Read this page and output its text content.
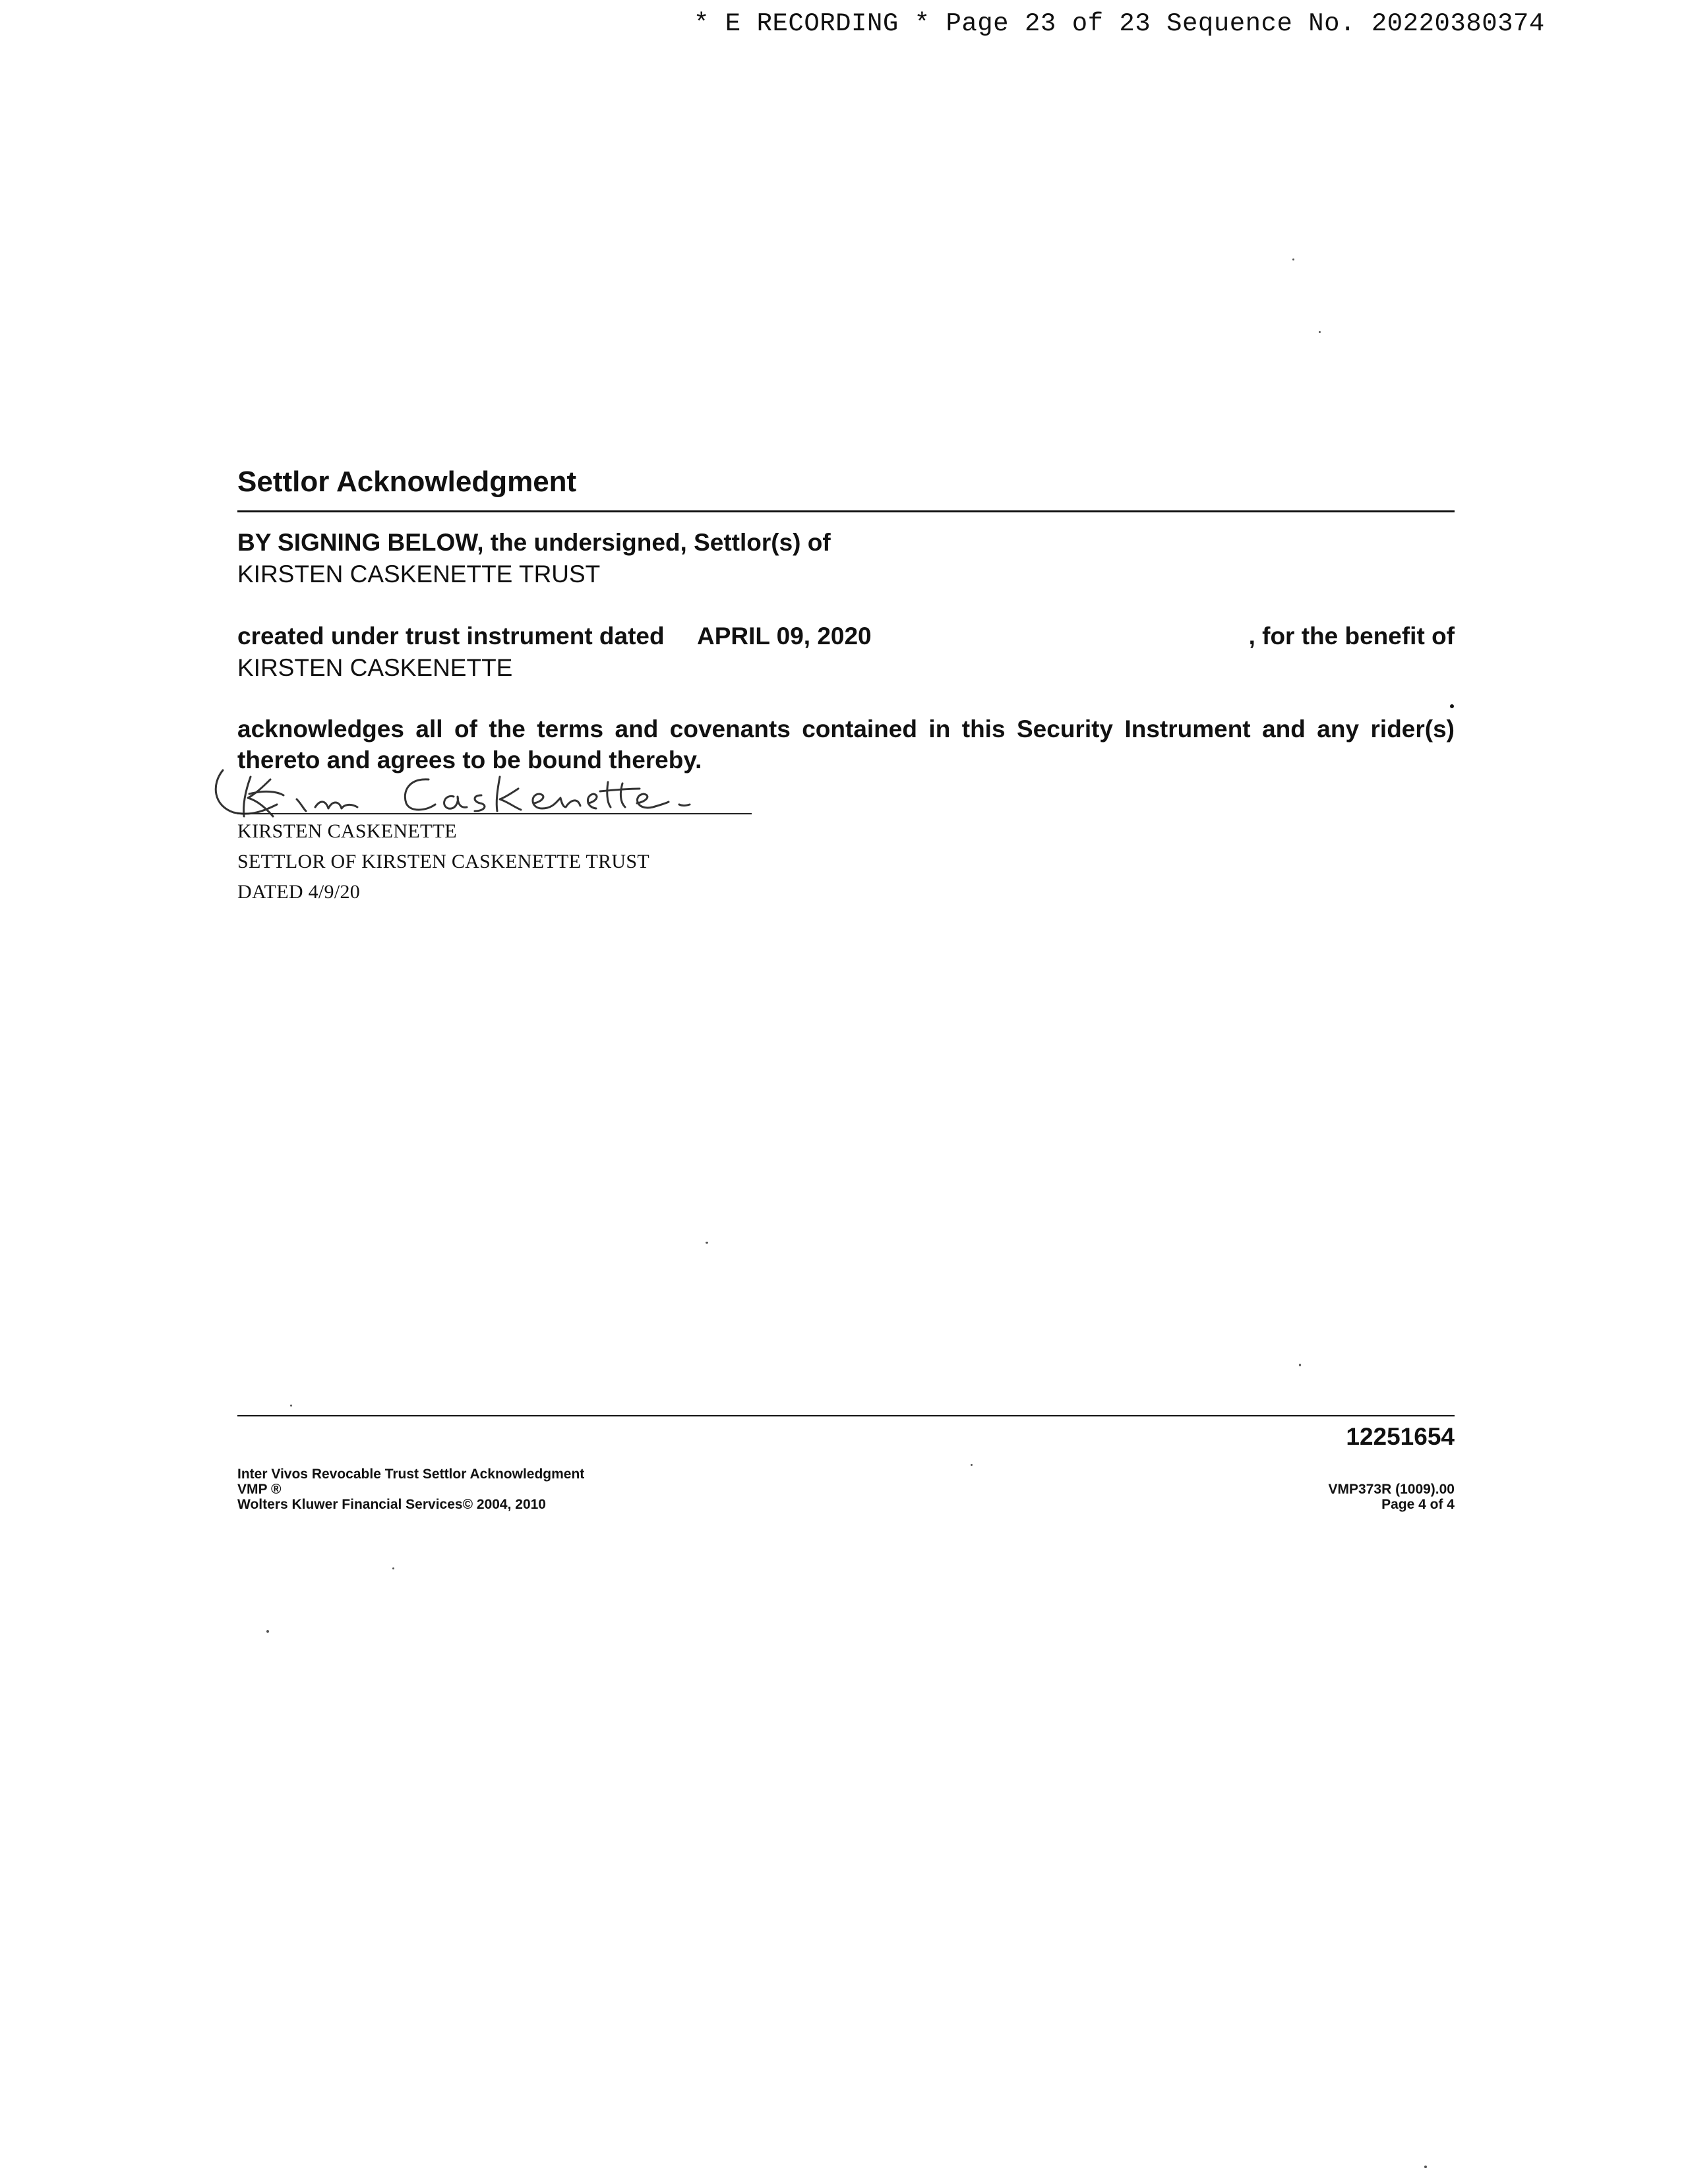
* E RECORDING * Page 23 of 23 Sequence No. 20220380374
Settlor Acknowledgment
BY SIGNING BELOW, the undersigned, Settlor(s) of
KIRSTEN CASKENETTE TRUST
created under trust instrument dated APRIL 09, 2020	, for the benefit of
KIRSTEN CASKENETTE
acknowledges all of the terms and covenants contained in this Security Instrument and any rider(s)
thereto and agrees to be bound thereby.
KIRSTEN CASKENETTE
SETTLOR OF KIRSTEN CASKENETTE TRUST
DATED 4/9/20
12251654
Inter Vivos Revocable Trust Settlor Acknowledgment
VMP ®
Wolters Kluwer Financial Services© 2004, 2010
VMP373R (1009).00
Page 4 of 4
